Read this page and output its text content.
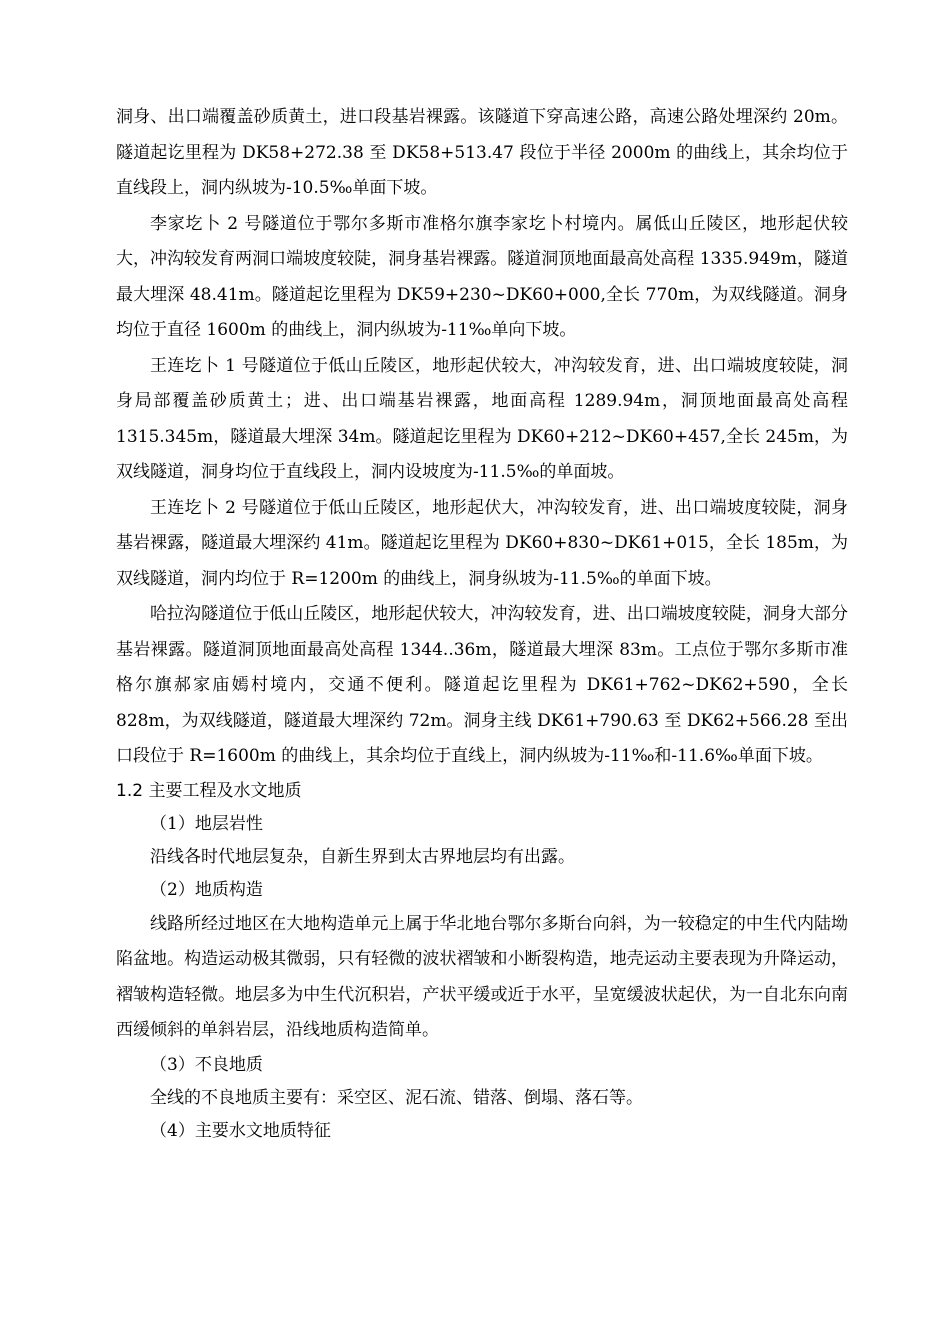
洞身、出口端覆盖砂质黄土，进口段基岩裸露。该隧道下穿高速公路，高速公路处埋深约 20m。隧道起讫里程为 DK58+272.38 至 DK58+513.47 段位于半径 2000m 的曲线上，其余均位于直线段上，洞内纵坡为-10.5‰单面下坡。

李家圪卜 2 号隧道位于鄂尔多斯市准格尔旗李家圪卜村境内。属低山丘陵区，地形起伏较大，冲沟较发育两洞口端坡度较陡，洞身基岩裸露。隧道洞顶地面最高处高程 1335.949m，隧道最大埋深 48.41m。隧道起讫里程为 DK59+230~DK60+000,全长 770m，为双线隧道。洞身均位于直径 1600m 的曲线上，洞内纵坡为-11‰单向下坡。

王连圪卜 1 号隧道位于低山丘陵区，地形起伏较大，冲沟较发育，进、出口端坡度较陡，洞身局部覆盖砂质黄土；进、出口端基岩裸露，地面高程 1289.94m，洞顶地面最高处高程 1315.345m，隧道最大埋深 34m。隧道起讫里程为 DK60+212~DK60+457,全长 245m，为双线隧道，洞身均位于直线段上，洞内设坡度为-11.5‰的单面坡。

王连圪卜 2 号隧道位于低山丘陵区，地形起伏大，冲沟较发育，进、出口端坡度较陡，洞身基岩裸露，隧道最大埋深约 41m。隧道起讫里程为 DK60+830~DK61+015，全长 185m，为双线隧道，洞内均位于 R=1200m 的曲线上，洞身纵坡为-11.5‰的单面下坡。

哈拉沟隧道位于低山丘陵区，地形起伏较大，冲沟较发育，进、出口端坡度较陡，洞身大部分基岩裸露。隧道洞顶地面最高处高程 1344..36m，隧道最大埋深 83m。工点位于鄂尔多斯市准格尔旗郝家庙嫣村境内，交通不便利。隧道起讫里程为 DK61+762~DK62+590，全长 828m，为双线隧道，隧道最大埋深约 72m。洞身主线 DK61+790.63 至 DK62+566.28 至出口段位于 R=1600m 的曲线上，其余均位于直线上，洞内纵坡为-11‰和-11.6‰单面下坡。

1.2 主要工程及水文地质

（1）地层岩性

沿线各时代地层复杂，自新生界到太古界地层均有出露。

（2）地质构造

线路所经过地区在大地构造单元上属于华北地台鄂尔多斯台向斜，为一较稳定的中生代内陆坳陷盆地。构造运动极其微弱，只有轻微的波状褶皱和小断裂构造，地壳运动主要表现为升降运动，褶皱构造轻微。地层多为中生代沉积岩，产状平缓或近于水平，呈宽缓波状起伏，为一自北东向南西缓倾斜的单斜岩层，沿线地质构造简单。

（3）不良地质

全线的不良地质主要有：采空区、泥石流、错落、倒塌、落石等。

（4）主要水文地质特征
